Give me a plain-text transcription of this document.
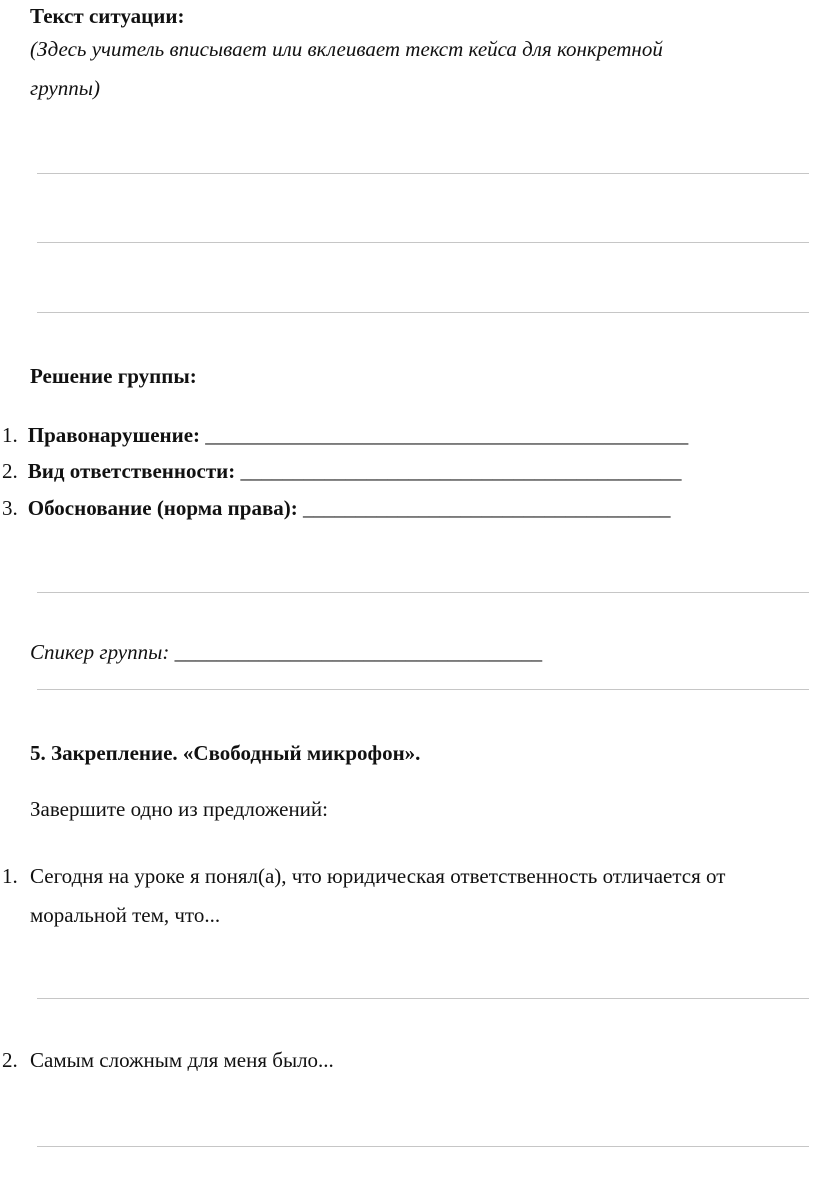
Текст ситуации:
(Здесь учитель вписывает или вклеивает текст кейса для конкретной
группы)
Решение группы:
1. Правонарушение: ______________________________________________
2. Вид ответственности: __________________________________________
3. Обоснование (норма права): ___________________________________
Спикер группы: ___________________________________
5. Закрепление. «Свободный микрофон».
Завершите одно из предложений:
1. Сегодня на уроке я понял(а), что юридическая ответственность отличается от
моральной тем, что...
2. Самым сложным для меня было...
